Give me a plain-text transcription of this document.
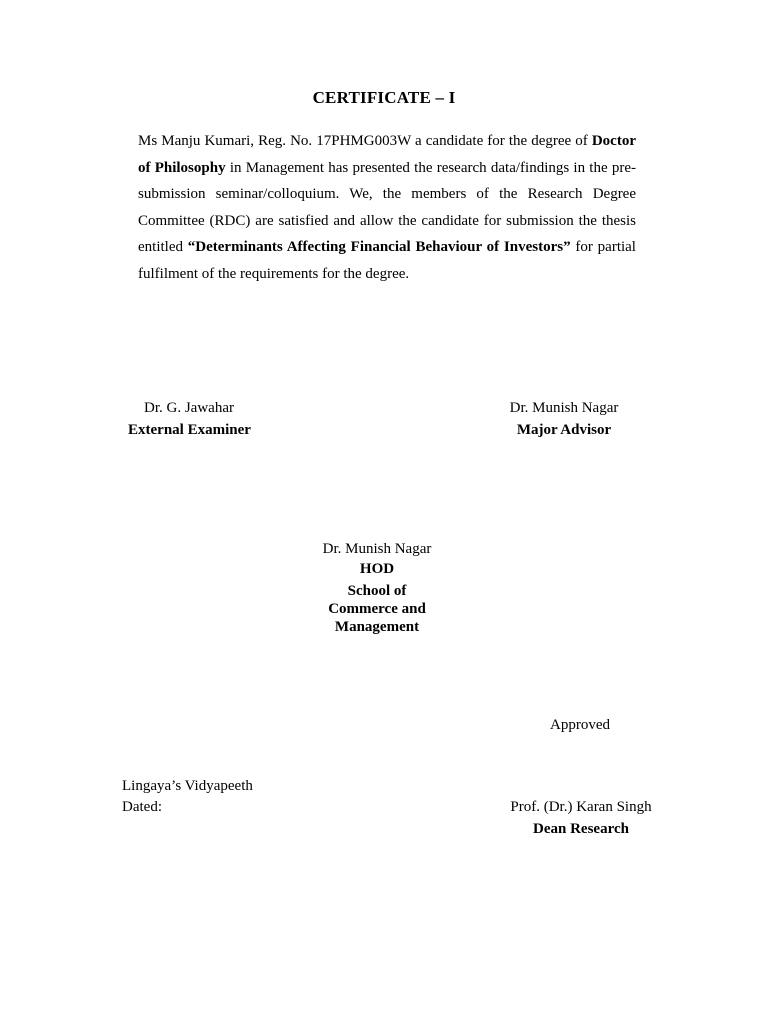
CERTIFICATE – I
Ms Manju Kumari, Reg. No. 17PHMG003W a candidate for the degree of Doctor of Philosophy in Management has presented the research data/findings in the pre-submission seminar/colloquium. We, the members of the Research Degree Committee (RDC) are satisfied and allow the candidate for submission the thesis entitled “Determinants Affecting Financial Behaviour of Investors” for partial fulfilment of the requirements for the degree.
Dr. G. Jawahar
External Examiner
Dr. Munish Nagar
Major Advisor
Dr. Munish Nagar
HOD
School of
Commerce and
Management
Approved
Lingaya’s Vidyapeeth
Dated:	Prof. (Dr.) Karan Singh
Dean Research
